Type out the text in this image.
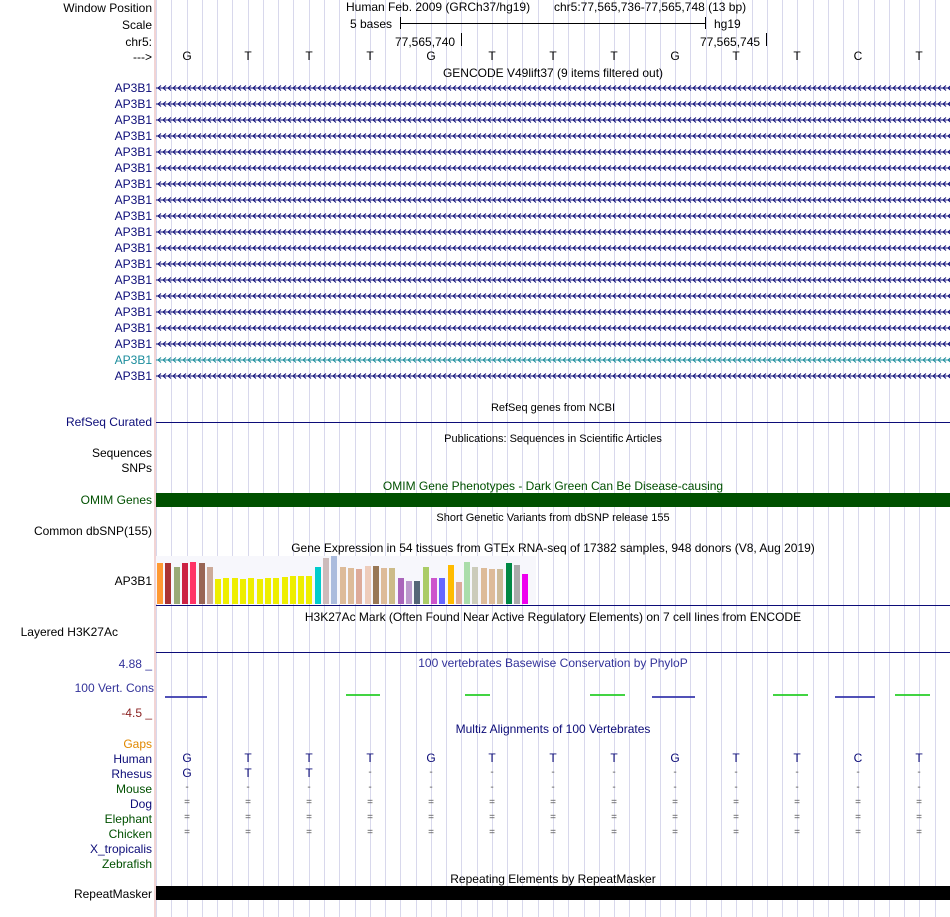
Window Position
Scale
chr5:
--->
Human Feb. 2009 (GRCh37/hg19) chr5:77,565,736-77,565,748 (13 bp)
5 bases	hg19
77,565,740	77,565,745
G	T	T	T	G	T	T	T	G	T	T	C	T
GENCODE V49lift37 (9 items filtered out)
AP3B1
AP3B1
AP3B1
AP3B1
AP3B1
AP3B1
AP3B1
AP3B1
AP3B1
AP3B1
AP3B1
AP3B1
AP3B1
AP3B1
AP3B1
AP3B1
AP3B1
AP3B1
AP3B1
RefSeq genes from NCBI
RefSeq Curated
Publications: Sequences in Scientific Articles
Sequences
SNPs
OMIM Gene Phenotypes - Dark Green Can Be Disease-causing
OMIM Genes
Short Genetic Variants from dbSNP release 155
Common dbSNP(155)
Gene Expression in 54 tissues from GTEx RNA-seq of 17382 samples, 948 donors (V8, Aug 2019)
AP3B1
H3K27Ac Mark (Often Found Near Active Regulatory Elements) on 7 cell lines from ENCODE
Layered H3K27Ac
100 vertebrates Basewise Conservation by PhyloP
4.88 _
100 Vert. Cons
-4.5 _
Multiz Alignments of 100 Vertebrates
Gaps
Human	G	T	T	T	G	T	T	T	G	T	T	C	T
Rhesus	G	T	T	-	-	-	-	-	-	-	-	-	-
Mouse	-	-	-	-	-	-	-	-	-	-	-	-	-
Dog	=	=	=	=	=	=	=	=	=	=	=	=	=
Elephant	=	=	=	=	=	=	=	=	=	=	=	=	=
Chicken	=	=	=	=	=	=	=	=	=	=	=	=	=
X_tropicalis
Zebrafish
Repeating Elements by RepeatMasker
RepeatMasker
